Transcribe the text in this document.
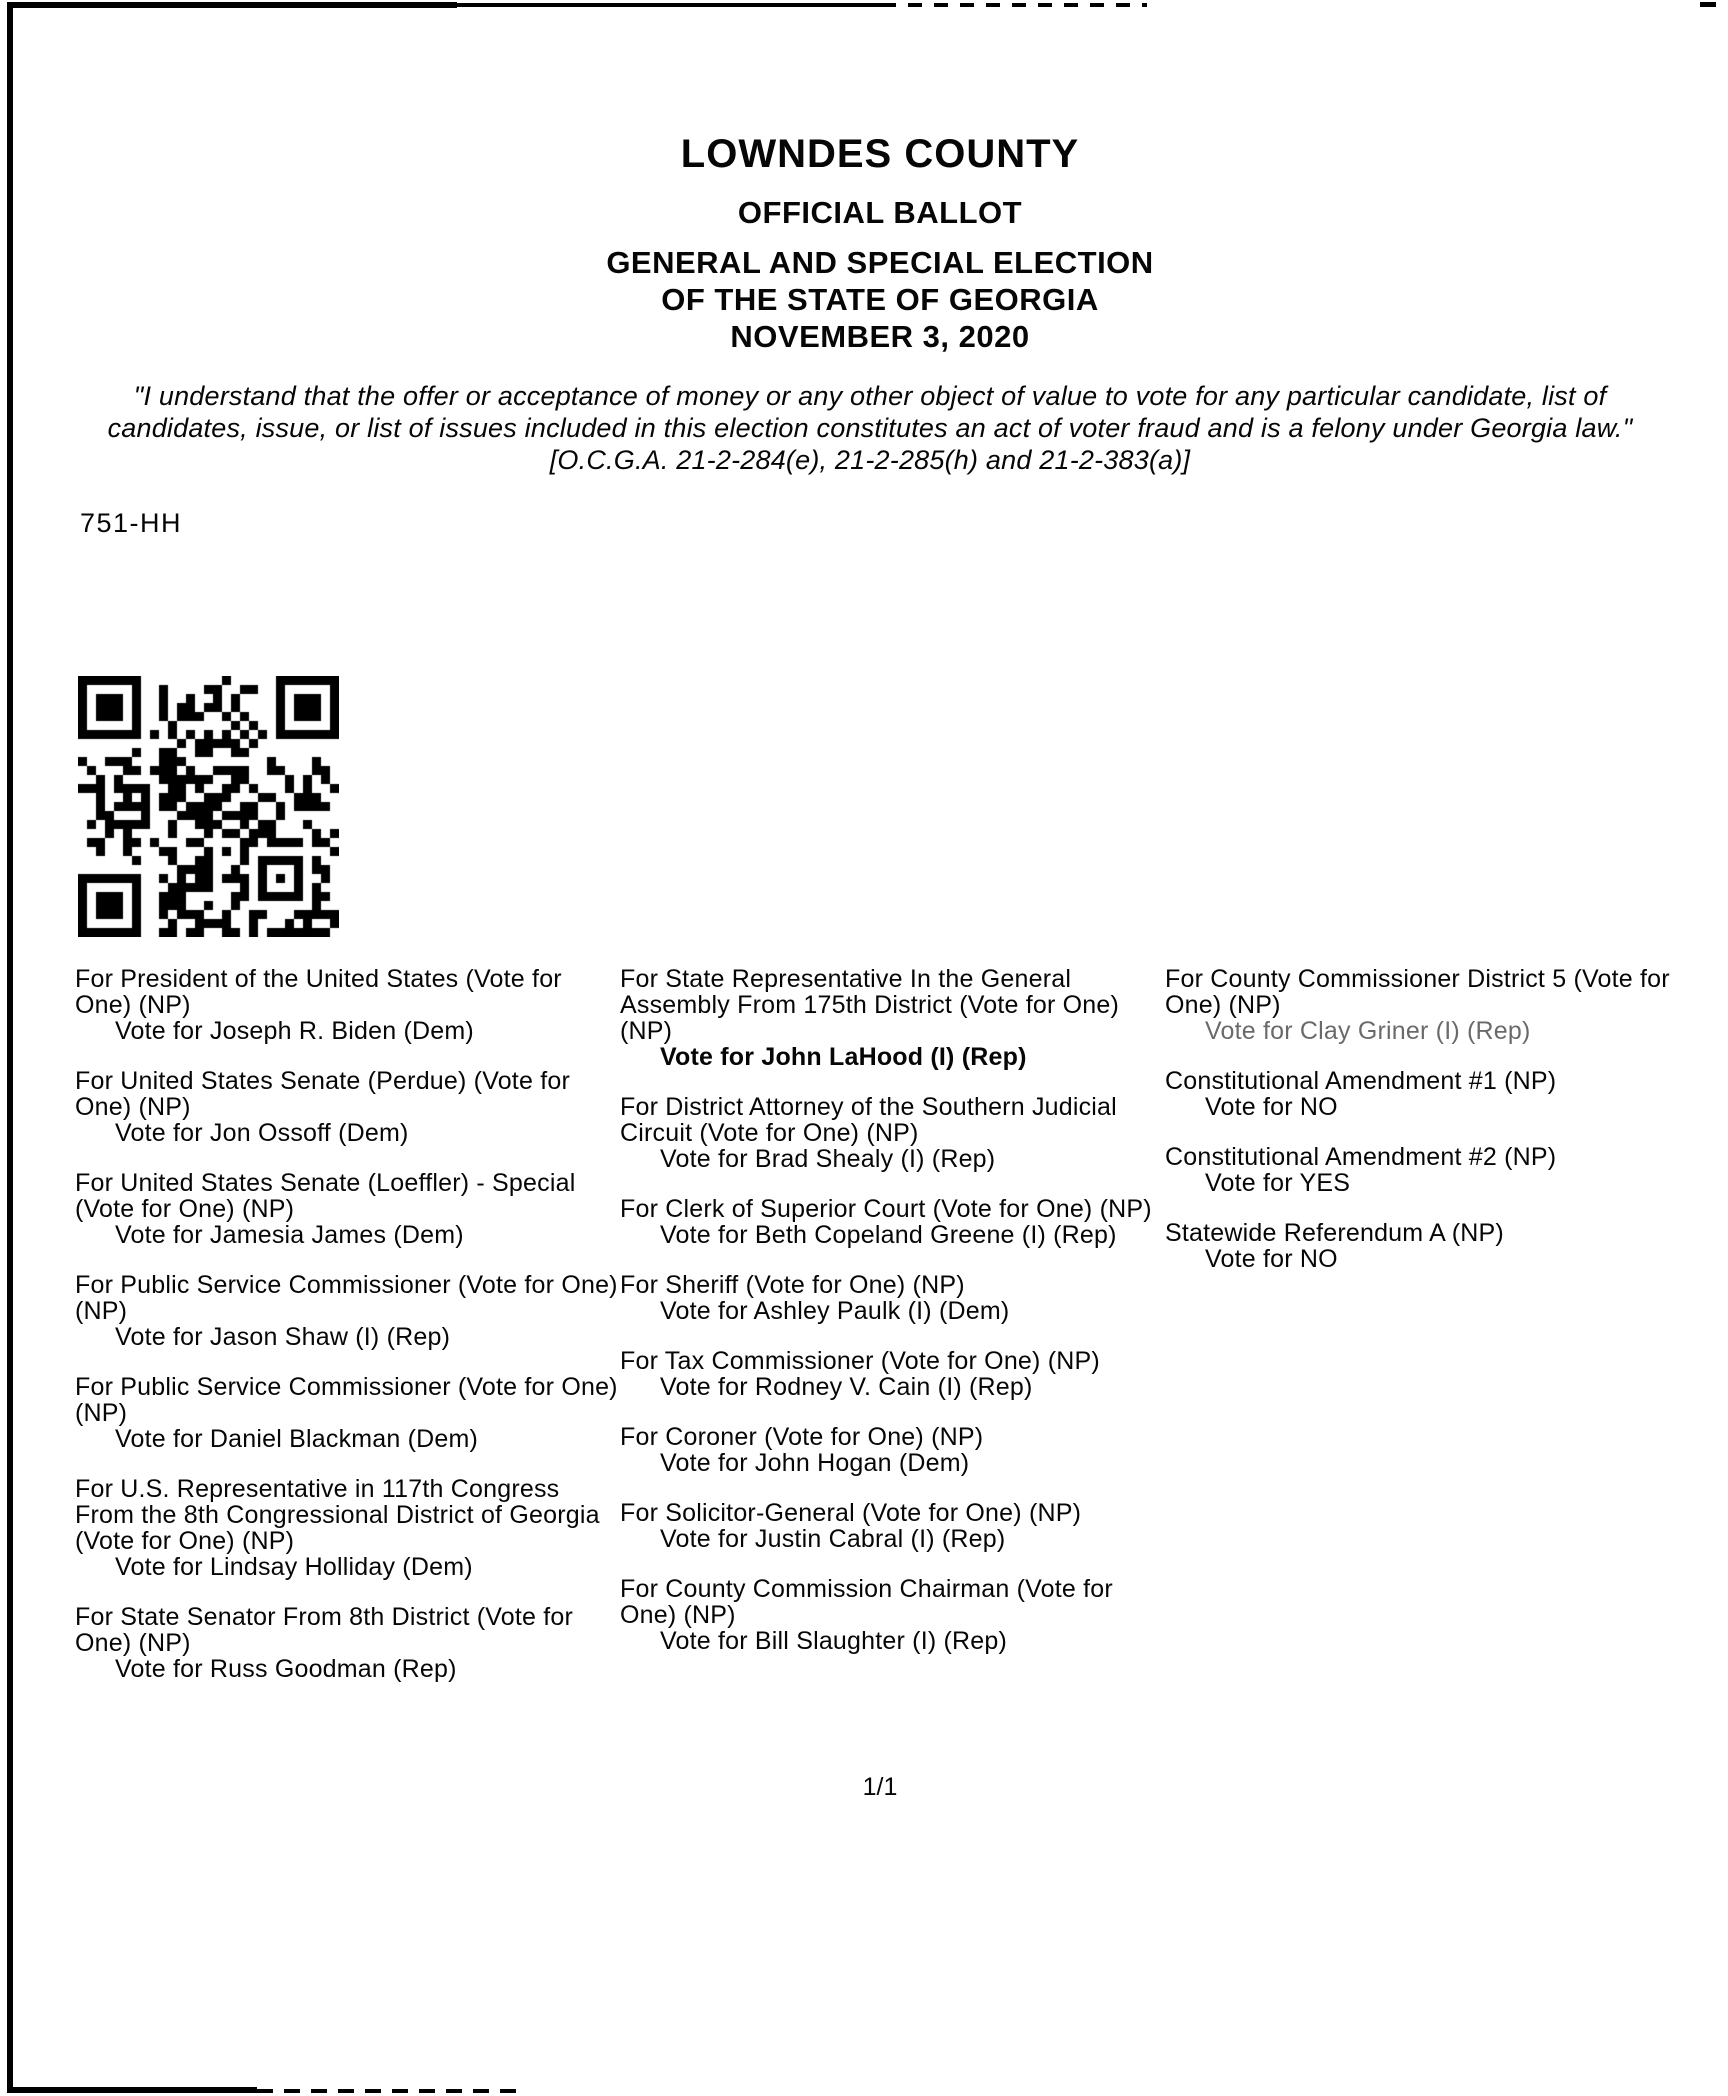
LOWNDES COUNTY
OFFICIAL BALLOT
GENERAL AND SPECIAL ELECTION
OF THE STATE OF GEORGIA
NOVEMBER 3, 2020
"I understand that the offer or acceptance of money or any other object of value to vote for any particular candidate, list of candidates, issue, or list of issues included in this election constitutes an act of voter fraud and is a felony under Georgia law." [O.C.G.A. 21-2-284(e), 21-2-285(h) and 21-2-383(a)]
751-HH
For President of the United States (Vote for One) (NP)
Vote for Joseph R. Biden (Dem)
For United States Senate (Perdue) (Vote for One) (NP)
Vote for Jon Ossoff (Dem)
For United States Senate (Loeffler) - Special (Vote for One) (NP)
Vote for Jamesia James (Dem)
For Public Service Commissioner (Vote for One) (NP)
Vote for Jason Shaw (I) (Rep)
For Public Service Commissioner (Vote for One) (NP)
Vote for Daniel Blackman (Dem)
For U.S. Representative in 117th Congress From the 8th Congressional District of Georgia (Vote for One) (NP)
Vote for Lindsay Holliday (Dem)
For State Senator From 8th District (Vote for One) (NP)
Vote for Russ Goodman (Rep)
For State Representative In the General Assembly From 175th District (Vote for One) (NP)
Vote for John LaHood (I) (Rep)
For District Attorney of the Southern Judicial Circuit (Vote for One) (NP)
Vote for Brad Shealy (I) (Rep)
For Clerk of Superior Court (Vote for One) (NP)
Vote for Beth Copeland Greene (I) (Rep)
For Sheriff (Vote for One) (NP)
Vote for Ashley Paulk (I) (Dem)
For Tax Commissioner (Vote for One) (NP)
Vote for Rodney V. Cain (I) (Rep)
For Coroner (Vote for One) (NP)
Vote for John Hogan (Dem)
For Solicitor-General (Vote for One) (NP)
Vote for Justin Cabral (I) (Rep)
For County Commission Chairman (Vote for One) (NP)
Vote for Bill Slaughter (I) (Rep)
For County Commissioner District 5 (Vote for One) (NP)
Vote for Clay Griner (I) (Rep)
Constitutional Amendment #1 (NP)
Vote for NO
Constitutional Amendment #2 (NP)
Vote for YES
Statewide Referendum A (NP)
Vote for NO
1/1
